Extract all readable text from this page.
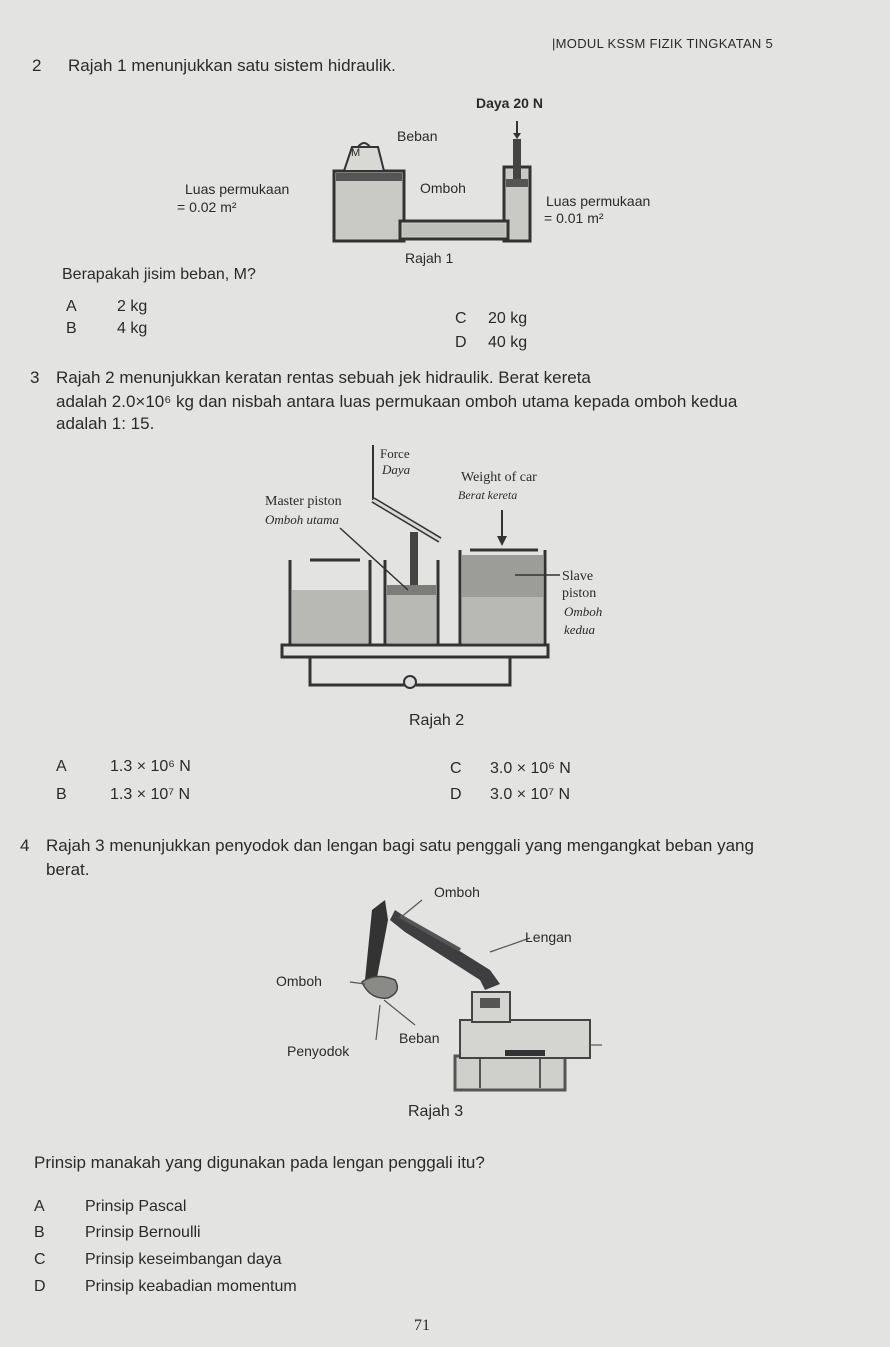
|MODUL KSSM FIZIK TINGKATAN 5
2 Rajah 1 menunjukkan satu sistem hidraulik.
M
Daya 20 N
Beban
Luas permukaan
= 0.02 m²
Omboh
Luas permukaan
= 0.01 m²
Rajah 1
Berapakah jisim beban, M?
A	2 kg
B	4 kg
C 20 kg
D 40 kg
3 Rajah 2 menunjukkan keratan rentas sebuah jek hidraulik. Berat kereta
adalah 2.0×10⁶ kg dan nisbah antara luas permukaan omboh utama kepada omboh kedua
adalah 1: 15.
Force
Daya
Weight of car
Berat kereta
Master piston
Omboh utama
Slave
piston
Omboh
kedua
Rajah 2
A	1.3 × 10⁶ N
B	1.3 × 10⁷ N
C 3.0 × 10⁶ N
D 3.0 × 10⁷ N
4 Rajah 3 menunjukkan penyodok dan lengan bagi satu penggali yang mengangkat beban yang
berat.
Omboh
Lengan
Omboh
Beban
Penyodok
Rajah 3
Prinsip manakah yang digunakan pada lengan penggali itu?
A	Prinsip Pascal
B	Prinsip Bernoulli
C Prinsip keseimbangan daya
D Prinsip keabadian momentum
71
